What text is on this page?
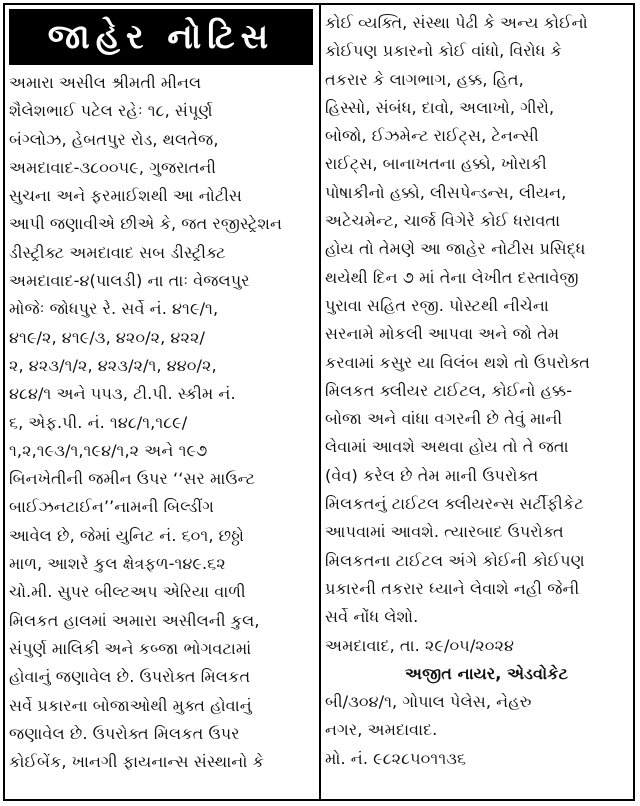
જાહેર નોટિસ
અમારા અસીલ શ્રીમતી મીનલ
શૈલેશભાઈ પટેલ રહેઃ ૧૮, સંપૂર્ણ
બંગ્લોઝ, હેબતપુર રોડ, થલતેજ,
અમદાવાદ-૩૮૦૦૫૯, ગુજરાતની
સુચના અને ફરમાઈશથી આ નોટીસ
આપી જણાવીએ છીએ કે, જત રજીસ્ટ્રેશન
ડીસ્ટ્રીક્ટ અમદાવાદ સબ ડીસ્ટ્રીક્ટ
અમદાવાદ-૪(પાલડી) ના તાઃ વેજલપુર
મોજેઃ જોધપુર રે. સર્વે નં. ૪૧૯/૧,
૪૧૯/૨, ૪૧૯/૩, ૪૨૦/૨, ૪૨૨/
૨, ૪૨૩/૧/૨, ૪૨૩/૨/૧, ૪૪૦/૨,
૪૮૪/૧ અને ૫૫૩, ટી.પી. સ્કીમ નં.
૬, એફ.પી. નં. ૧૪૮/૧,૧૮૯/
૧,૨,૧૯૩/૧,૧૯૪/૧,૨ અને ૧૯૭
બિનખેતીની જમીન ઉપર ‘‘સર માઉન્ટ
બાઈઝનટાઈન’’નામની બિલ્ડીંગ
આવેલ છે, જેમાં યુનિટ નં. ૬૦૧, છઠ્ઠો
માળ, આશરે કુલ ક્ષેત્રફળ-૧૪૯.૬૨
ચો.મી. સુપર બીલ્ટઅપ એરિયા વાળી
મિલકત હાલમાં અમારા અસીલની કુલ,
સંપુર્ણ માલિકી અને કબ્જા ભોગવટામાં
હોવાનું જણાવેલ છે. ઉપરોક્ત મિલકત
સર્વે પ્રકારના બોજાઓથી મુક્ત હોવાનું
જણાવેલ છે. ઉપરોક્ત મિલકત ઉપર
કોઈબેંક, ખાનગી ફાયનાન્સ સંસ્થાનો કે
કોઈ વ્યક્તિ, સંસ્થા પેઢી કે અન્ય કોઈનો
કોઈપણ પ્રકારનો કોઈ વાંધો, વિરોધ કે
તકરાર કે લાગભાગ, હક્ક, હિત,
હિસ્સો, સંબંધ, દાવો, અલાખો, ગીરો,
બોજો, ઈઝમેન્ટ રાઈટ્સ, ટેનન્સી
રાઈટ્સ, બાનાખતના હક્કો, ખોરાકી
પોષાકીનો હક્કો, લીસપેન્ડન્સ, લીયન,
અટેચમેન્ટ, ચાર્જ વિગેરે કોઈ ધરાવતા
હોય તો તેમણે આ જાહેર નોટીસ પ્રસિદ્ધ
થયેથી દિન ૭ માં તેના લેખીત દસ્તાવેજી
પુરાવા સહિત રજી. પોસ્ટથી નીચેના
સરનામે મોકલી આપવા અને જો તેમ
કરવામાં કસુર યા વિલંબ થશે તો ઉપરોક્ત
મિલકત ક્લીયર ટાઈટલ, કોઈનો હક્ક-
બોજા અને વાંધા વગરની છે તેવું માની
લેવામાં આવશે અથવા હોય તો તે જતા
(વેવ) કરેલ છે તેમ માની ઉપરોક્ત
મિલકતનું ટાઈટલ ક્લીયરન્સ સર્ટીફીકેટ
આપવામાં આવશે. ત્યારબાદ ઉપરોક્ત
મિલકતના ટાઈટલ અંગે કોઈની કોઈપણ
પ્રકારની તકરાર ધ્યાને લેવાશે નહી જેની
સર્વે નોંધ લેશો.
અમદાવાદ, તા. ૨૯/૦૫/૨૦૨૪
અજીત નાયર, એડવોકેટ
બી/૩૦૪/૧, ગોપાલ પેલેસ, નેહરુ
નગર, અમદાવાદ.
મો. નં. ૯૮૨૮૫૦૧૧૩૬
